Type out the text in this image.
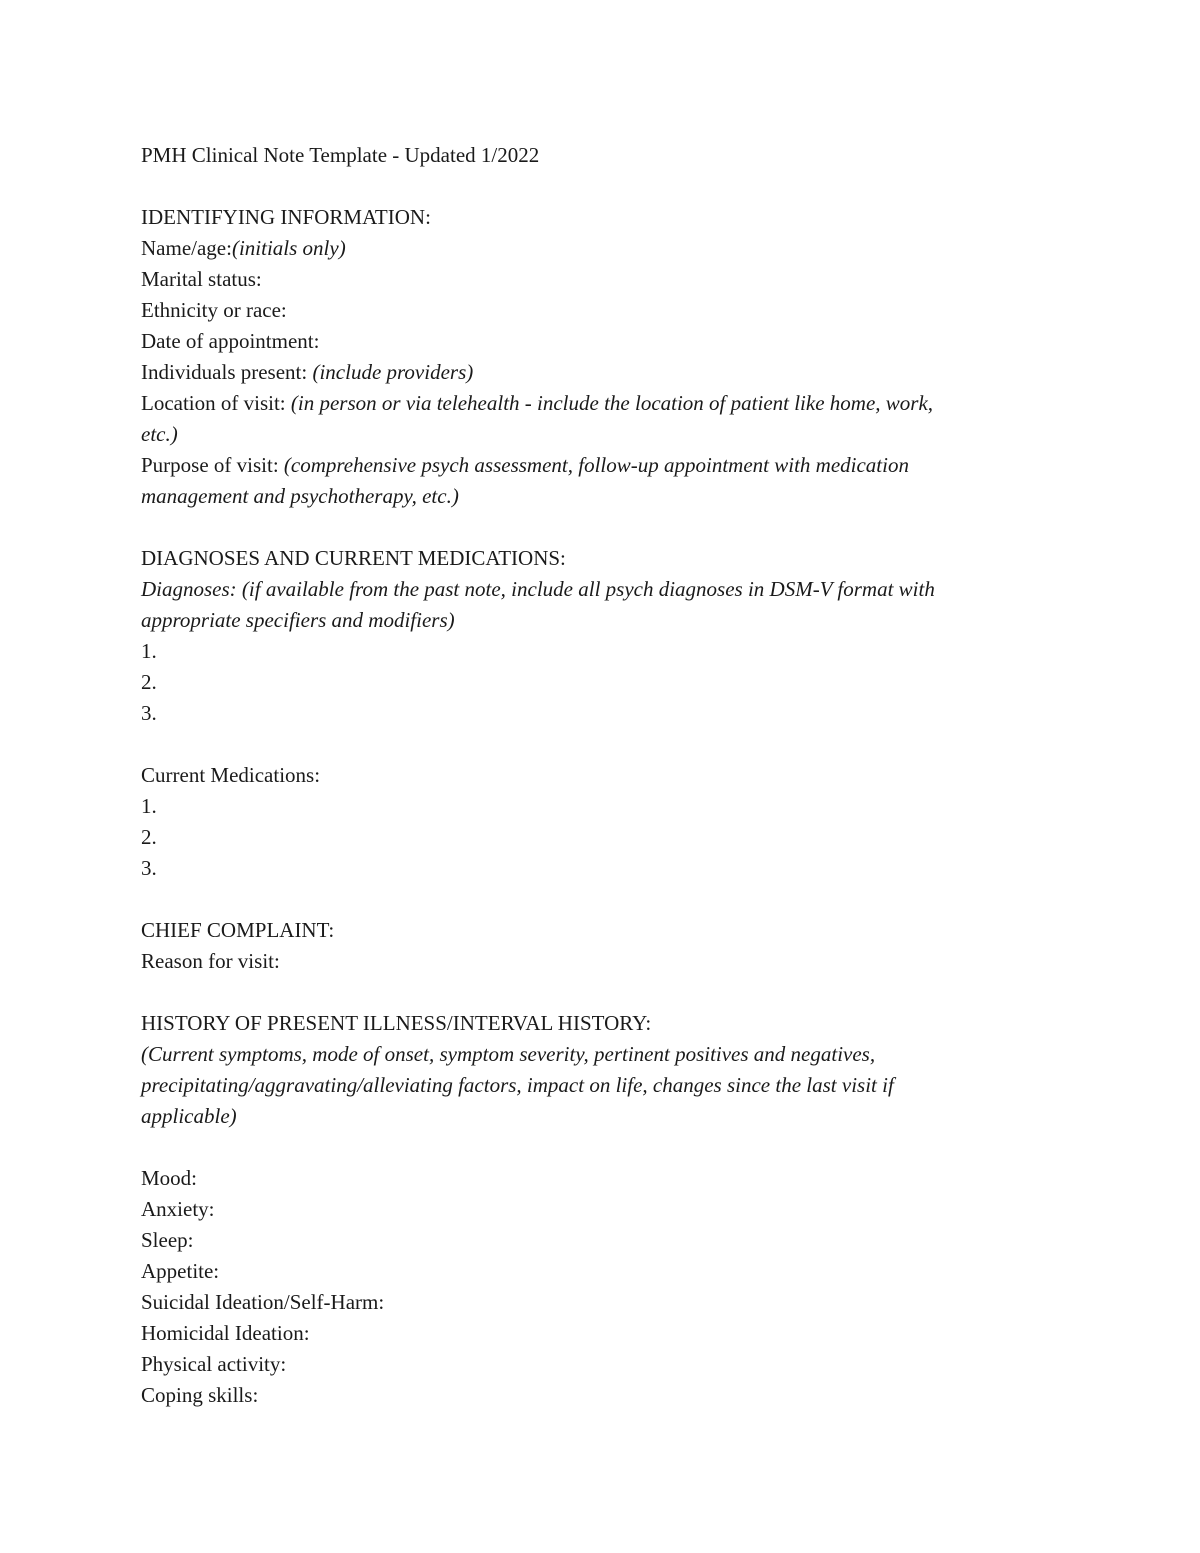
PMH Clinical Note Template - Updated 1/2022
IDENTIFYING INFORMATION:
Name/age:(initials only)
Marital status:
Ethnicity or race:
Date of appointment:
Individuals present: (include providers)
Location of visit: (in person or via telehealth - include the location of patient like home, work,
etc.)
Purpose of visit: (comprehensive psych assessment, follow-up appointment with medication
management and psychotherapy, etc.)
DIAGNOSES AND CURRENT MEDICATIONS:
Diagnoses: (if available from the past note, include all psych diagnoses in DSM-V format with
appropriate specifiers and modifiers)
1.
2.
3.
Current Medications:
1.
2.
3.
CHIEF COMPLAINT:
Reason for visit:
HISTORY OF PRESENT ILLNESS/INTERVAL HISTORY:
(Current symptoms, mode of onset, symptom severity, pertinent positives and negatives,
precipitating/aggravating/alleviating factors, impact on life, changes since the last visit if
applicable)
Mood:
Anxiety:
Sleep:
Appetite:
Suicidal Ideation/Self-Harm:
Homicidal Ideation:
Physical activity:
Coping skills:
